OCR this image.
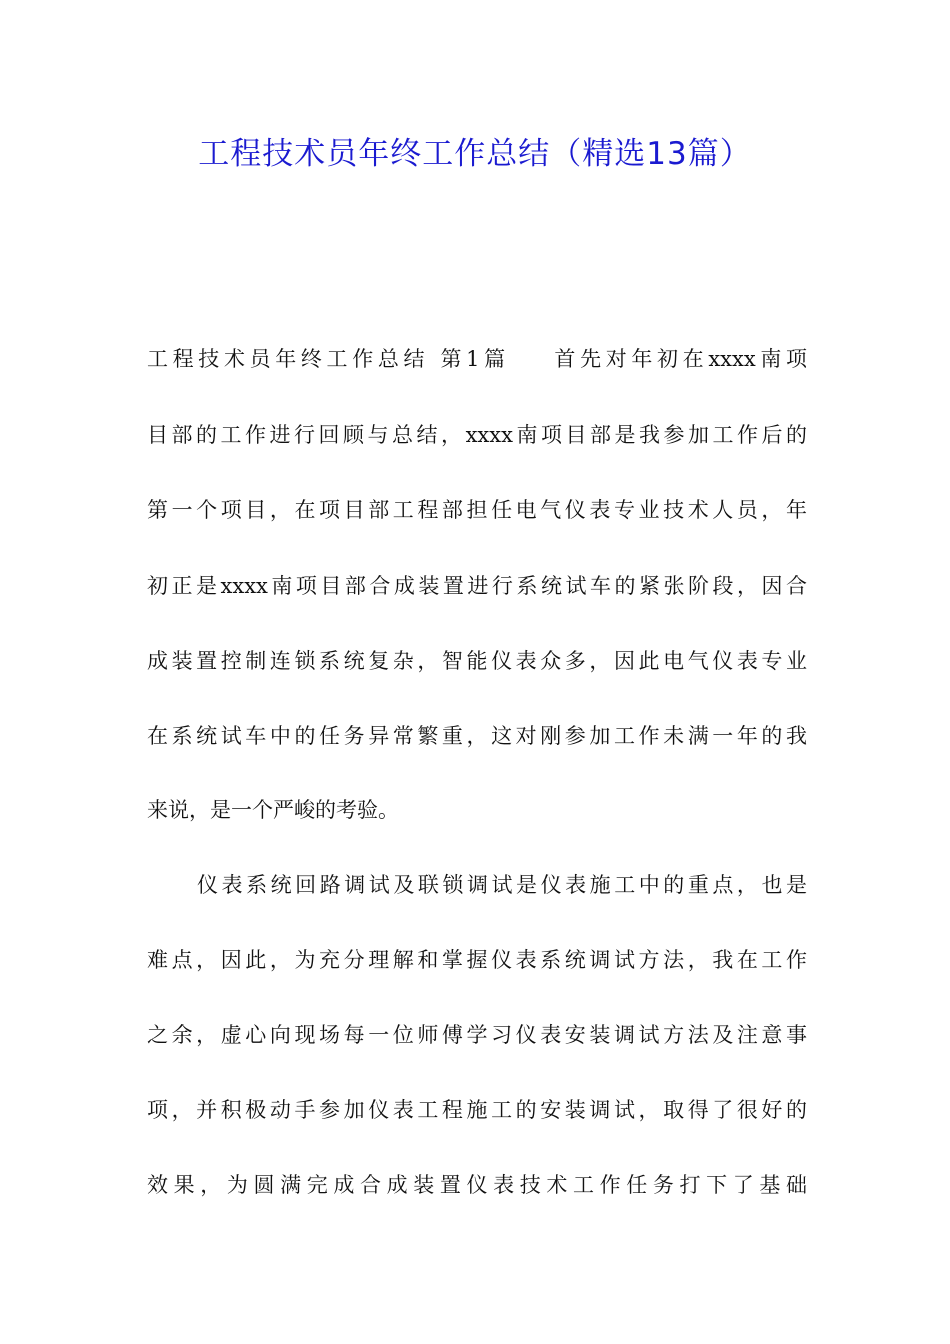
工程技术员年终工作总结（精选13篇）
工程技术员年终工作总结 第1篇 首先对年初在xxxx南项
目部的工作进行回顾与总结，xxxx南项目部是我参加工作后的
第一个项目，在项目部工程部担任电气仪表专业技术人员，年
初正是xxxx南项目部合成装置进行系统试车的紧张阶段，因合
成装置控制连锁系统复杂，智能仪表众多，因此电气仪表专业
在系统试车中的任务异常繁重，这对刚参加工作未满一年的我
来说，是一个严峻的考验。
仪表系统回路调试及联锁调试是仪表施工中的重点，也是
难点，因此，为充分理解和掌握仪表系统调试方法，我在工作
之余，虚心向现场每一位师傅学习仪表安装调试方法及注意事
项，并积极动手参加仪表工程施工的安装调试，取得了很好的
效果，为圆满完成合成装置仪表技术工作任务打下了基础
